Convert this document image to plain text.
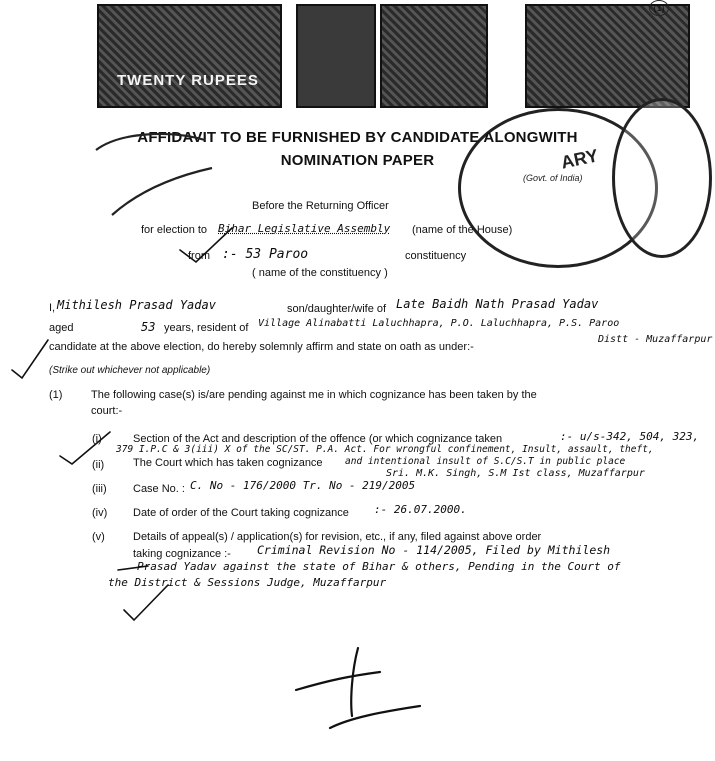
TWENTY RUPEES
ARY
(Govt. of India)
(1)
AFFIDAVIT TO BE FURNISHED BY CANDIDATE ALONGWITH
NOMINATION PAPER
Before the Returning Officer
for election to Bihar Legislative Assembly (name of the House)
from :- 53 Paroo	constituency
( name of the constituency )
I, Mithilesh Prasad Yadav	son/daughter/wife of Late Baidh Nath Prasad Yadav
aged	53 years, resident of Village Alinabatti Laluchhapra, P.O. Laluchhapra, P.S. Paroo
Distt - Muzaffarpur
candidate at the above election, do hereby solemnly affirm and state on oath as under:-
(Strike out whichever not applicable)
(1)	The following case(s) is/are pending against me in which cognizance has been taken by the
court:-
(i)	Section of the Act and description of the offence (or which cognizance taken	:- u/s-342, 504, 323,
379 I.P.C & 3(iii) X of the SC/ST. P.A. Act. For wrongful confinement, Insult, assault, theft,
and intentional insult of S.C/S.T in public place
(ii)	The Court which has taken cognizance
Sri. M.K. Singh, S.M Ist class, Muzaffarpur
(iii) Case No. : C. No - 176/2000 Tr. No - 219/2005
(iv) Date of order of the Court taking cognizance :- 26.07.2000.
(v)	Details of appeal(s) / application(s) for revision, etc., if any, filed against above order
taking cognizance :- Criminal Revision No - 114/2005, Filed by Mithilesh
Prasad Yadav against the state of Bihar & others, Pending in the Court of
the District & Sessions Judge, Muzaffarpur
